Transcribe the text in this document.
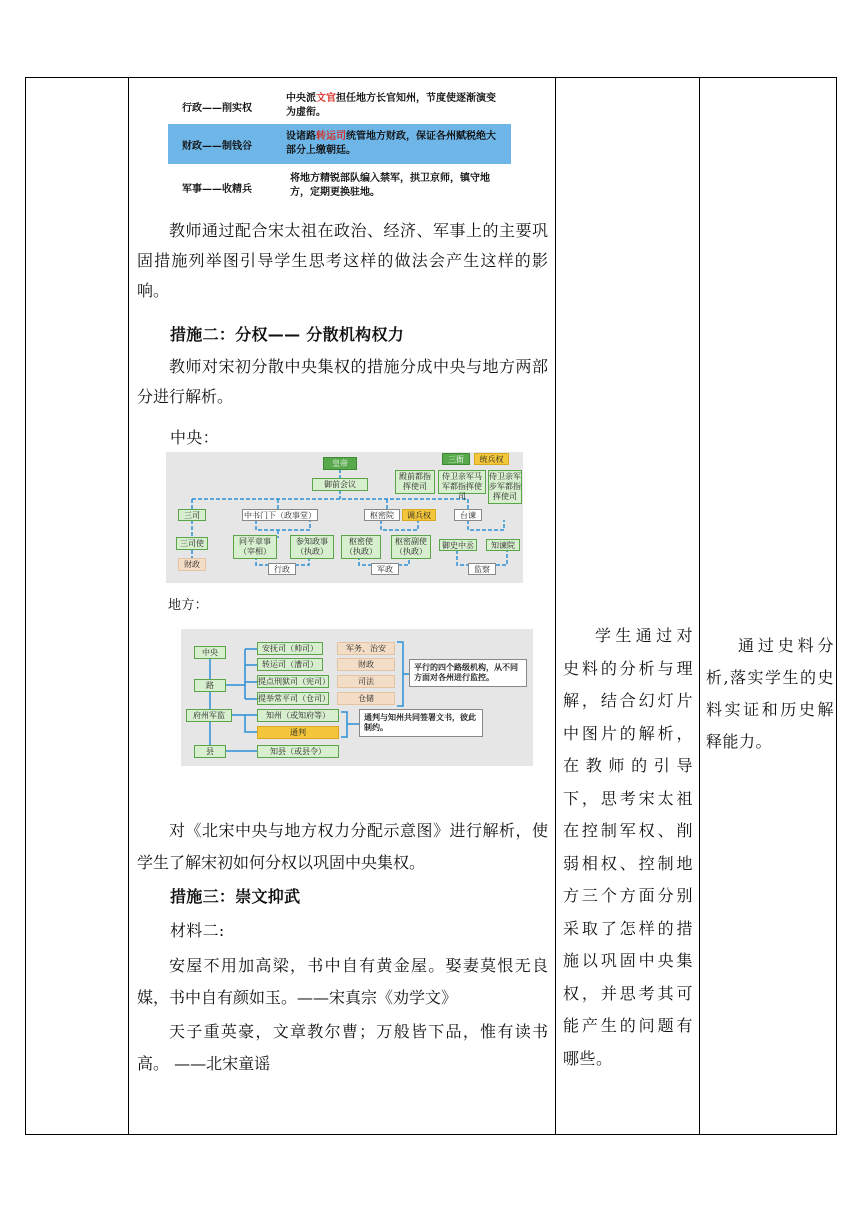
行政——削实权
中央派文官担任地方长官知州，节度使逐渐演变为虚衔。
财政——制钱谷
设诸路转运司统管地方财政，保证各州赋税绝大部分上缴朝廷。
军事——收精兵
将地方精锐部队编入禁军，拱卫京师，镇守地方，定期更换驻地。
教师通过配合宋太祖在政治、经济、军事上的主要巩固措施列举图引导学生思考这样的做法会产生这样的影响。
措施二：分权—— 分散机构权力
教师对宋初分散中央集权的措施分成中央与地方两部分进行解析。
中央：
皇帝
御前会议
三衙	统兵权
殿前都指挥使司
侍卫亲军马军都指挥使司
侍卫亲军步军都指挥使司
三司
三司使
财政
中书门下（政事堂）
同平章事（宰相）
参知政事（执政）
行政
枢密院	调兵权
枢密使（执政）
枢密副使（执政）
军政
台谏
御史中丞	知谏院
监察
地方：
中央
路
府州军监
县
安抚司（帅司）
转运司（漕司）
提点刑狱司（宪司）
提举常平司（仓司）
军务、治安
财政
司法
仓储
平行的四个路级机构，从不同方面对各州进行监控。
知州（或知府等）
通判
通判与知州共同签署文书，彼此制约。
知县（或县令）
对《北宋中央与地方权力分配示意图》进行解析，使学生了解宋初如何分权以巩固中央集权。
措施三：崇文抑武
材料二:
安屋不用加高梁，书中自有黄金屋。娶妻莫恨无良媒，书中自有颜如玉。——宋真宗《劝学文》
天子重英豪，文章教尔曹；万般皆下品，惟有读书高。 ——北宋童谣
学生通过对史料的分析与理解，结合幻灯片中图片的解析，在教师的引导下，思考宋太祖在控制军权、削弱相权、控制地方三个方面分别采取了怎样的措施以巩固中央集权，并思考其可能产生的问题有哪些。
通过史料分析,落实学生的史料实证和历史解释能力。
